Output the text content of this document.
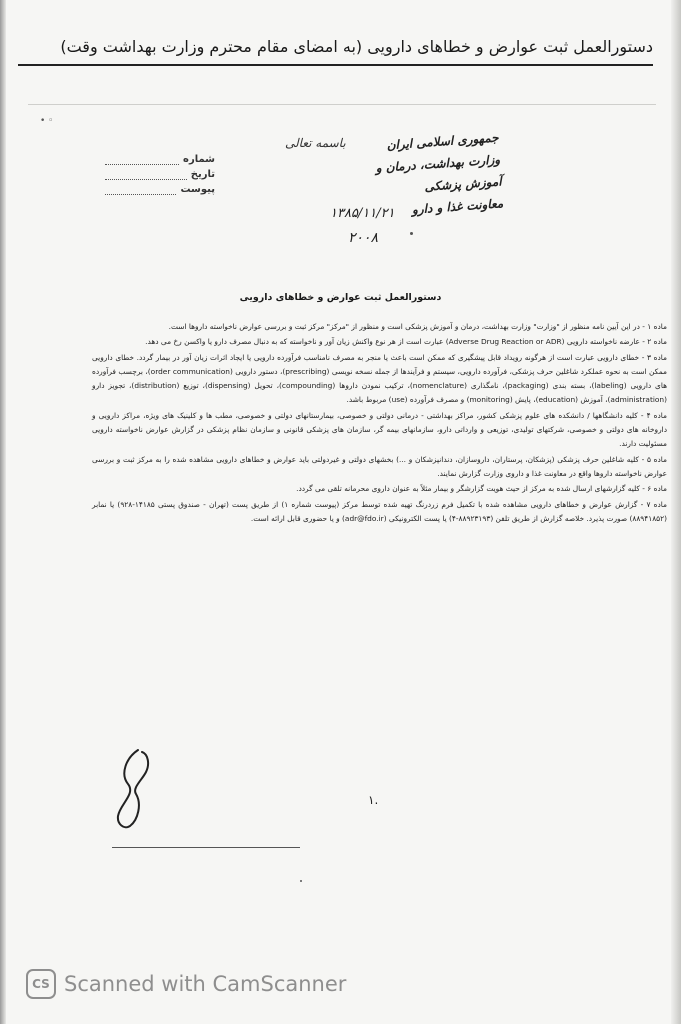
دستورالعمل ثبت عوارض و خطاهای دارویی (به امضای مقام محترم وزارت بهداشت وقت)
• ◦
جمهوری اسلامی ایران
وزارت بهداشت، درمان و آموزش پزشکی
معاونت غذا و دارو
باسمه تعالی
شماره
تاریخ
پیوست
۱۳۸۵/۱۱/۲۱
۲۰۰۸
دستورالعمل ثبت عوارض و خطاهای دارویی

ماده ۱ - در این آیین نامه منظور از "وزارت" وزارت بهداشت، درمان و آموزش پزشکی است و منظور از "مرکز" مرکز ثبت و بررسی عوارض ناخواسته داروها است.

ماده ۲ - عارضه ناخواسته دارویی (Adverse Drug Reaction or ADR) عبارت است از هر نوع واکنش زیان آور و ناخواسته که به دنبال مصرف دارو یا واکسن رخ می دهد.

ماده ۳ - خطای دارویی عبارت است از هرگونه رویداد قابل پیشگیری که ممکن است باعث یا منجر به مصرف نامناسب فرآورده دارویی یا ایجاد اثرات زیان آور در بیمار گردد. خطای دارویی ممکن است به نحوه عملکرد شاغلین حرف پزشکی، فرآورده دارویی، سیستم و فرآیندها از جمله نسخه نویسی (prescribing)، دستور دارویی (order communication)، برچسب فرآورده های دارویی (labeling)، بسته بندی (packaging)، نامگذاری (nomenclature)، ترکیب نمودن داروها (compounding)، تحویل (dispensing)، توزیع (distribution)، تجویز دارو (administration)، آموزش (education)، پایش (monitoring) و مصرف فرآورده (use) مربوط باشد.

ماده ۴ - کلیه دانشگاهها / دانشکده های علوم پزشکی کشور، مراکز بهداشتی - درمانی دولتی و خصوصی، بیمارستانهای دولتی و خصوصی، مطب ها و کلینیک های ویژه، مراکز دارویی و داروخانه های دولتی و خصوصی، شرکتهای تولیدی، توزیعی و وارداتی دارو، سازمانهای بیمه گر، سازمان های پزشکی قانونی و سازمان نظام پزشکی در گزارش عوارض ناخواسته دارویی مسئولیت دارند.

ماده ۵ - کلیه شاغلین حرف پزشکی (پزشکان، پرستاران، داروسازان، دندانپزشکان و ...) بخشهای دولتی و غیردولتی باید عوارض و خطاهای دارویی مشاهده شده را به مرکز ثبت و بررسی عوارض ناخواسته داروها واقع در معاونت غذا و داروی وزارت گزارش نمایند.

ماده ۶ - کلیه گزارشهای ارسال شده به مرکز از حیث هویت گزارشگر و بیمار مثلاً به عنوان داروی محرمانه تلقی می گردد.

ماده ۷ - گزارش عوارض و خطاهای دارویی مشاهده شده با تکمیل فرم زردرنگ تهیه شده توسط مرکز (پیوست شماره ۱) از طریق پست (تهران - صندوق پستی ۱۴۱۸۵-۹۲۸) یا نمابر (۸۸۹۴۱۸۵۲) صورت پذیرد. خلاصه گزارش از طریق تلفن (۸۸۹۲۳۱۹۳-۴) یا پست الکترونیکی (adr@fdo.ir) و یا حضوری قابل ارائه است.

۱.
CS Scanned with CamScanner
